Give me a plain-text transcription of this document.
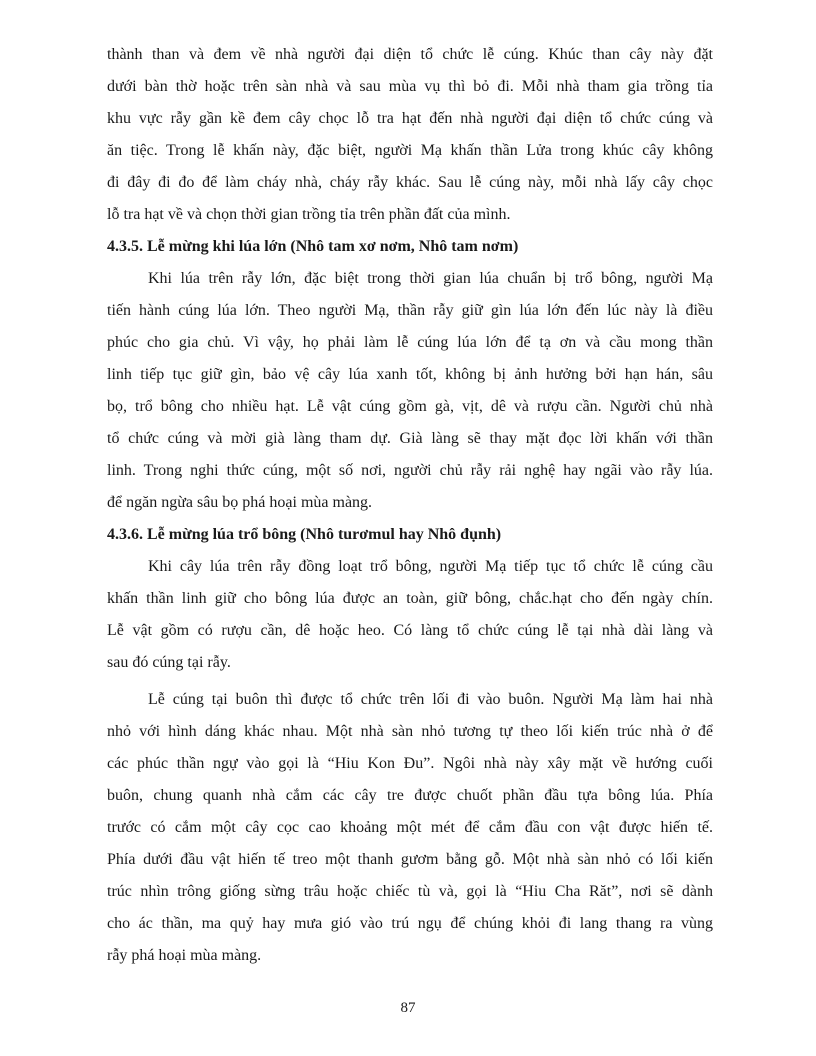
thành than và đem về nhà người đại diện tổ chức lễ cúng. Khúc than cây này đặt
dưới bàn thờ hoặc trên sàn nhà và sau mùa vụ thì bỏ đi. Mỗi nhà tham gia trồng tỉa
khu vực rẫy gần kề đem cây chọc lỗ tra hạt đến nhà người đại diện tổ chức cúng và
ăn tiệc. Trong lễ khấn này, đặc biệt, người Mạ khấn thần Lửa trong khúc cây không
đi đây đi đo để làm cháy nhà, cháy rẫy khác. Sau lễ cúng này, mỗi nhà lấy cây chọc
lỗ tra hạt về và chọn thời gian trồng tỉa trên phần đất của mình.
4.3.5. Lễ mừng khi lúa lớn (Nhô tam xơ nơm, Nhô tam nơm)
Khi lúa trên rẫy lớn, đặc biệt trong thời gian lúa chuẩn bị trổ bông, người Mạ
tiến hành cúng lúa lớn. Theo người Mạ, thần rẫy giữ gìn lúa lớn đến lúc này là điều
phúc cho gia chủ. Vì vậy, họ phải làm lễ cúng lúa lớn để tạ ơn và cầu mong thần
linh tiếp tục giữ gìn, bảo vệ cây lúa xanh tốt, không bị ảnh hưởng bởi hạn hán, sâu
bọ, trổ bông cho nhiều hạt. Lễ vật cúng gồm gà, vịt, dê và rượu cần. Người chủ nhà
tổ chức cúng và mời già làng tham dự. Già làng sẽ thay mặt đọc lời khấn với thần
linh. Trong nghi thức cúng, một số nơi, người chủ rẫy rải nghệ hay ngãi vào rẫy lúa.
để ngăn ngừa sâu bọ phá hoại mùa màng.
4.3.6. Lễ mừng lúa trổ bông (Nhô turơmul hay Nhô đụnh)
Khi cây lúa trên rẫy đồng loạt trổ bông, người Mạ tiếp tục tổ chức lễ cúng cầu
khấn thần linh giữ cho bông lúa được an toàn, giữ bông, chắc.hạt cho đến ngày chín.
Lễ vật gồm có rượu cần, dê hoặc heo. Có làng tổ chức cúng lễ tại nhà dài làng và
sau đó cúng tại rẫy.
Lễ cúng tại buôn thì được tổ chức trên lối đi vào buôn. Người Mạ làm hai nhà
nhỏ với hình dáng khác nhau. Một nhà sàn nhỏ tương tự theo lối kiến trúc nhà ở để
các phúc thần ngự vào gọi là “Hiu Kon Đu”. Ngôi nhà này xây mặt về hướng cuối
buôn, chung quanh nhà cắm các cây tre được chuốt phần đầu tựa bông lúa. Phía
trước có cắm một cây cọc cao khoảng một mét để cắm đầu con vật được hiến tế.
Phía dưới đầu vật hiến tế treo một thanh gươm bằng gỗ. Một nhà sàn nhỏ có lối kiến
trúc nhìn trông giống sừng trâu hoặc chiếc tù và, gọi là “Hiu Cha Răt”, nơi sẽ dành
cho ác thần, ma quỷ hay mưa gió vào trú ngụ để chúng khỏi đi lang thang ra vùng
rẫy phá hoại mùa màng.
87
